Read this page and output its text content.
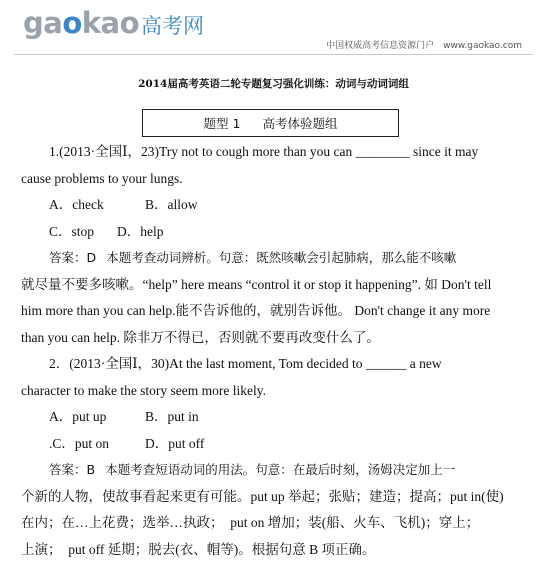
gaokao 高考网
中国权威高考信息资源门户　www.gaokao.com
2014届高考英语二轮专题复习强化训练：动词与动词词组
题型 1 高考体验题组
1.(2013·全国Ⅰ，23)Try not to cough more than you can ________ since it may
cause problems to your lungs.
A．check	B．allow
C．stop D．help
答案：D 本题考查动词辨析。句意：既然咳嗽会引起肺病，那么能不咳嗽
就尽量不要多咳嗽。“help” here means “control it or stop it happening”. 如 Don't tell
him more than you can help.能不告诉他的，就别告诉他。 Don't change it any more
than you can help. 除非万不得已，否则就不要再改变什么了。
2．(2013·全国Ⅰ，30)At the last moment, Tom decided to ______ a new
character to make the story seem more likely.
A．put up	B．put in
.C．put on	D．put off
答案：B 本题考查短语动词的用法。句意：在最后时刻，汤姆决定加上一
个新的人物，使故事看起来更有可能。put up 举起；张贴；建造；提高；put in(使)
在内；在…上花费；选举…执政；　put on 增加；装(船、火车、飞机)；穿上；
上演；　put off 延期；脱去(衣、帽等)。根据句意 B 项正确。
